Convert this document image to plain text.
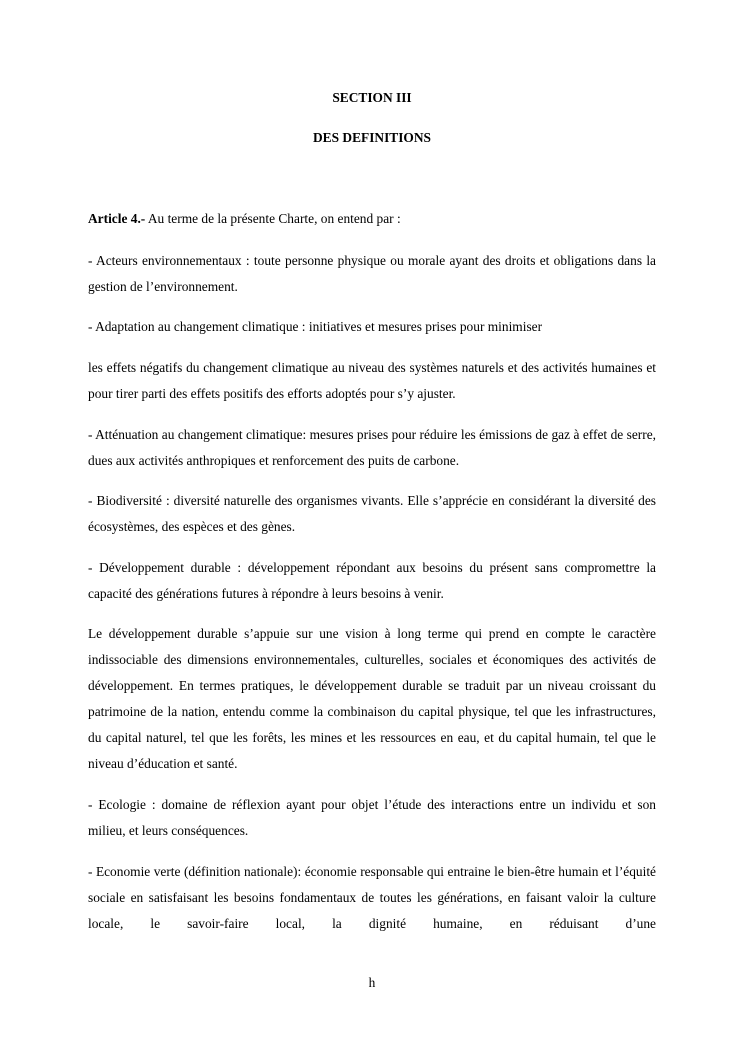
SECTION III
DES DEFINITIONS

Article 4.- Au terme de la présente Charte, on entend par :

- Acteurs environnementaux : toute personne physique ou morale ayant des droits et obligations dans la gestion de l’environnement.

- Adaptation au changement climatique : initiatives et mesures prises pour minimiser

les effets négatifs du changement climatique au niveau des systèmes naturels et des activités humaines et pour tirer parti des effets positifs des efforts adoptés pour s’y ajuster.

- Atténuation au changement climatique: mesures prises pour réduire les émissions de gaz à effet de serre, dues aux activités anthropiques et renforcement des puits de carbone.

- Biodiversité : diversité naturelle des organismes vivants. Elle s’apprécie en considérant la diversité des écosystèmes, des espèces et des gènes.

- Développement durable : développement répondant aux besoins du présent sans compromettre la capacité des générations futures à répondre à leurs besoins à venir.

Le développement durable s’appuie sur une vision à long terme qui prend en compte le caractère indissociable des dimensions environnementales, culturelles, sociales et économiques des activités de développement. En termes pratiques, le développement durable se traduit par un niveau croissant du patrimoine de la nation, entendu comme la combinaison du capital physique, tel que les infrastructures, du capital naturel, tel que les forêts, les mines et les ressources en eau, et du capital humain, tel que le niveau d’éducation et santé.

- Ecologie : domaine de réflexion ayant pour objet l’étude des interactions entre un individu et son milieu, et leurs conséquences.

- Economie verte (définition nationale): économie responsable qui entraine le bien-être humain et l’équité sociale en satisfaisant les besoins fondamentaux de toutes les générations, en faisant valoir la culture locale, le savoir-faire local, la dignité humaine, en réduisant d’une

h
